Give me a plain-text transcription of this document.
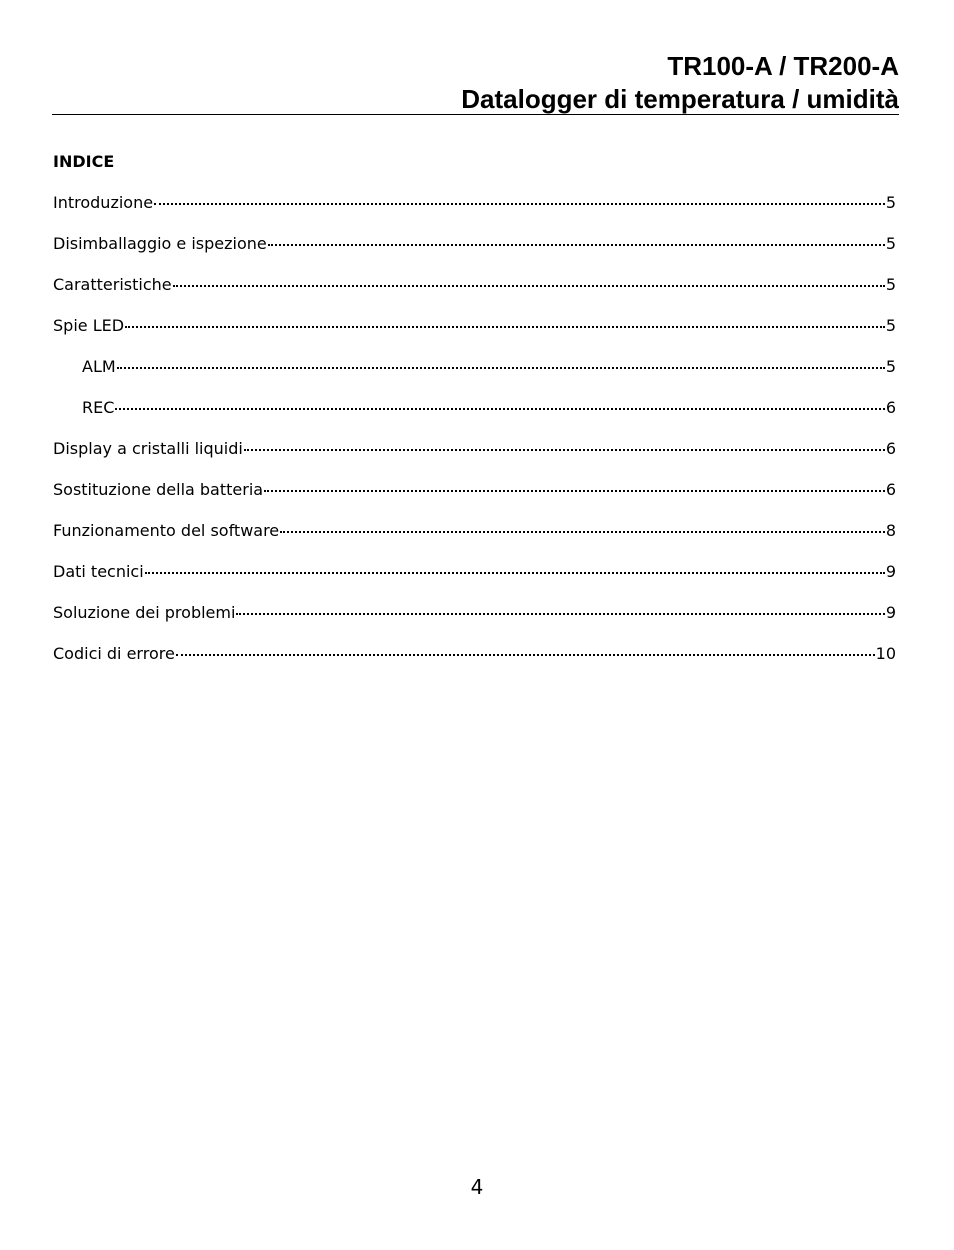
TR100-A / TR200-A
Datalogger di temperatura / umidità
INDICE
Introduzione	5
Disimballaggio e ispezione	5
Caratteristiche	5
Spie LED	5
ALM	5
REC	6
Display a cristalli liquidi	6
Sostituzione della batteria	6
Funzionamento del software	8
Dati tecnici	9
Soluzione dei problemi	9
Codici di errore	10
4
